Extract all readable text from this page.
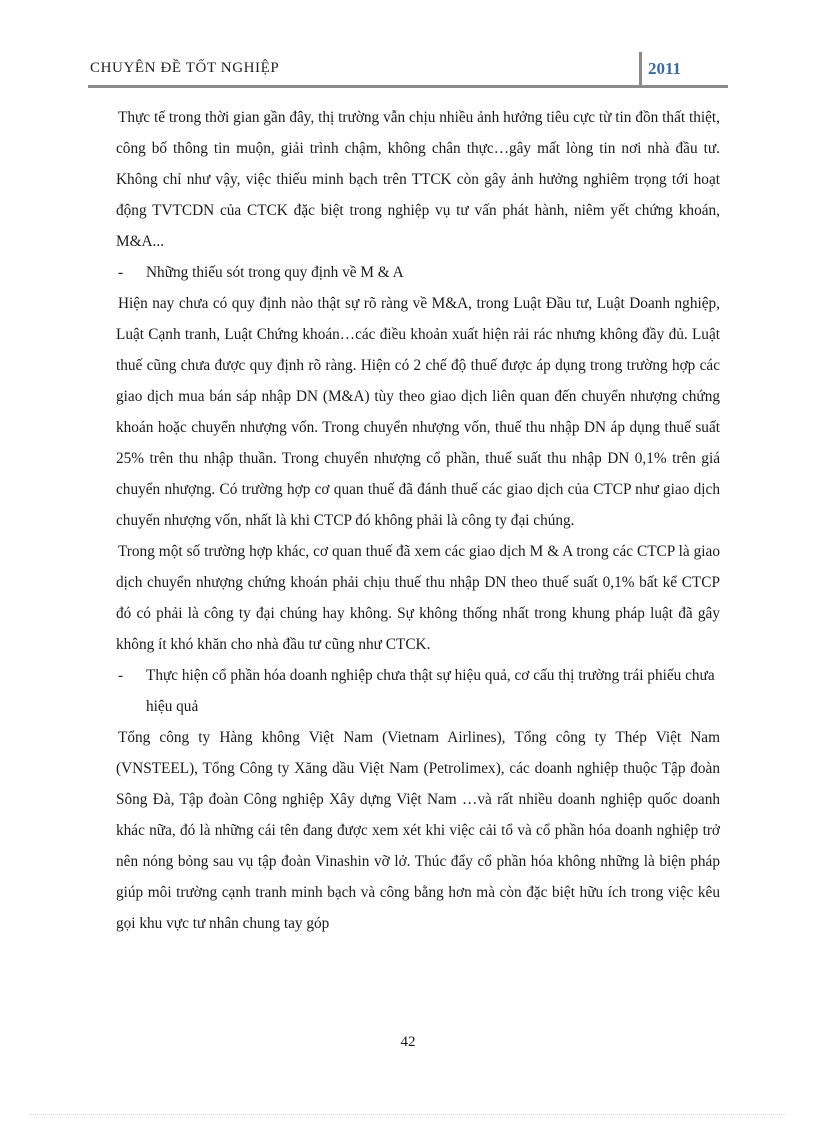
CHUYÊN ĐỀ TỐT NGHIỆP	2011

Thực tế trong thời gian gần đây, thị trường vẫn chịu nhiều ảnh hưởng tiêu cực từ tin đồn thất thiệt, công bố thông tin muộn, giải trình chậm, không chân thực…gây mất lòng tin nơi nhà đầu tư. Không chỉ như vậy, việc thiếu minh bạch trên TTCK còn gây ảnh hưởng nghiêm trọng tới hoạt động TVTCDN của CTCK đặc biệt trong nghiệp vụ tư vấn phát hành, niêm yết chứng khoán, M&A...

- Những thiếu sót trong quy định về M & A

Hiện nay chưa có quy định nào thật sự rõ ràng về M&A, trong Luật Đầu tư, Luật Doanh nghiệp, Luật Cạnh tranh, Luật Chứng khoán…các điều khoản xuất hiện rải rác nhưng không đầy đủ. Luật thuế cũng chưa được quy định rõ ràng. Hiện có 2 chế độ thuế được áp dụng trong trường hợp các giao dịch mua bán sáp nhập DN (M&A) tùy theo giao dịch liên quan đến chuyển nhượng chứng khoán hoặc chuyển nhượng vốn. Trong chuyển nhượng vốn, thuế thu nhập DN áp dụng thuế suất 25% trên thu nhập thuần. Trong chuyển nhượng cổ phần, thuế suất thu nhập DN 0,1% trên giá chuyển nhượng. Có trường hợp cơ quan thuế đã đánh thuế các giao dịch của CTCP như giao dịch chuyển nhượng vốn, nhất là khi CTCP đó không phải là công ty đại chúng.

Trong một số trường hợp khác, cơ quan thuế đã xem các giao dịch M & A trong các CTCP là giao dịch chuyển nhượng chứng khoán phải chịu thuế thu nhập DN theo thuế suất 0,1% bất kể CTCP đó có phải là công ty đại chúng hay không. Sự không thống nhất trong khung pháp luật đã gây không ít khó khăn cho nhà đầu tư cũng như CTCK.

- Thực hiện cổ phần hóa doanh nghiệp chưa thật sự hiệu quả, cơ cấu thị trường trái phiếu chưa hiệu quả

Tổng công ty Hàng không Việt Nam (Vietnam Airlines), Tổng công ty Thép Việt Nam (VNSTEEL), Tổng Công ty Xăng dầu Việt Nam (Petrolimex), các doanh nghiệp thuộc Tập đoàn Sông Đà, Tập đoàn Công nghiệp Xây dựng Việt Nam …và rất nhiều doanh nghiệp quốc doanh khác nữa, đó là những cái tên đang được xem xét khi việc cải tổ và cổ phần hóa doanh nghiệp trở nên nóng bỏng sau vụ tập đoàn Vinashin vỡ lở. Thúc đẩy cổ phần hóa không những là biện pháp giúp môi trường cạnh tranh minh bạch và công bằng hơn mà còn đặc biệt hữu ích trong việc kêu gọi khu vực tư nhân chung tay góp

42
